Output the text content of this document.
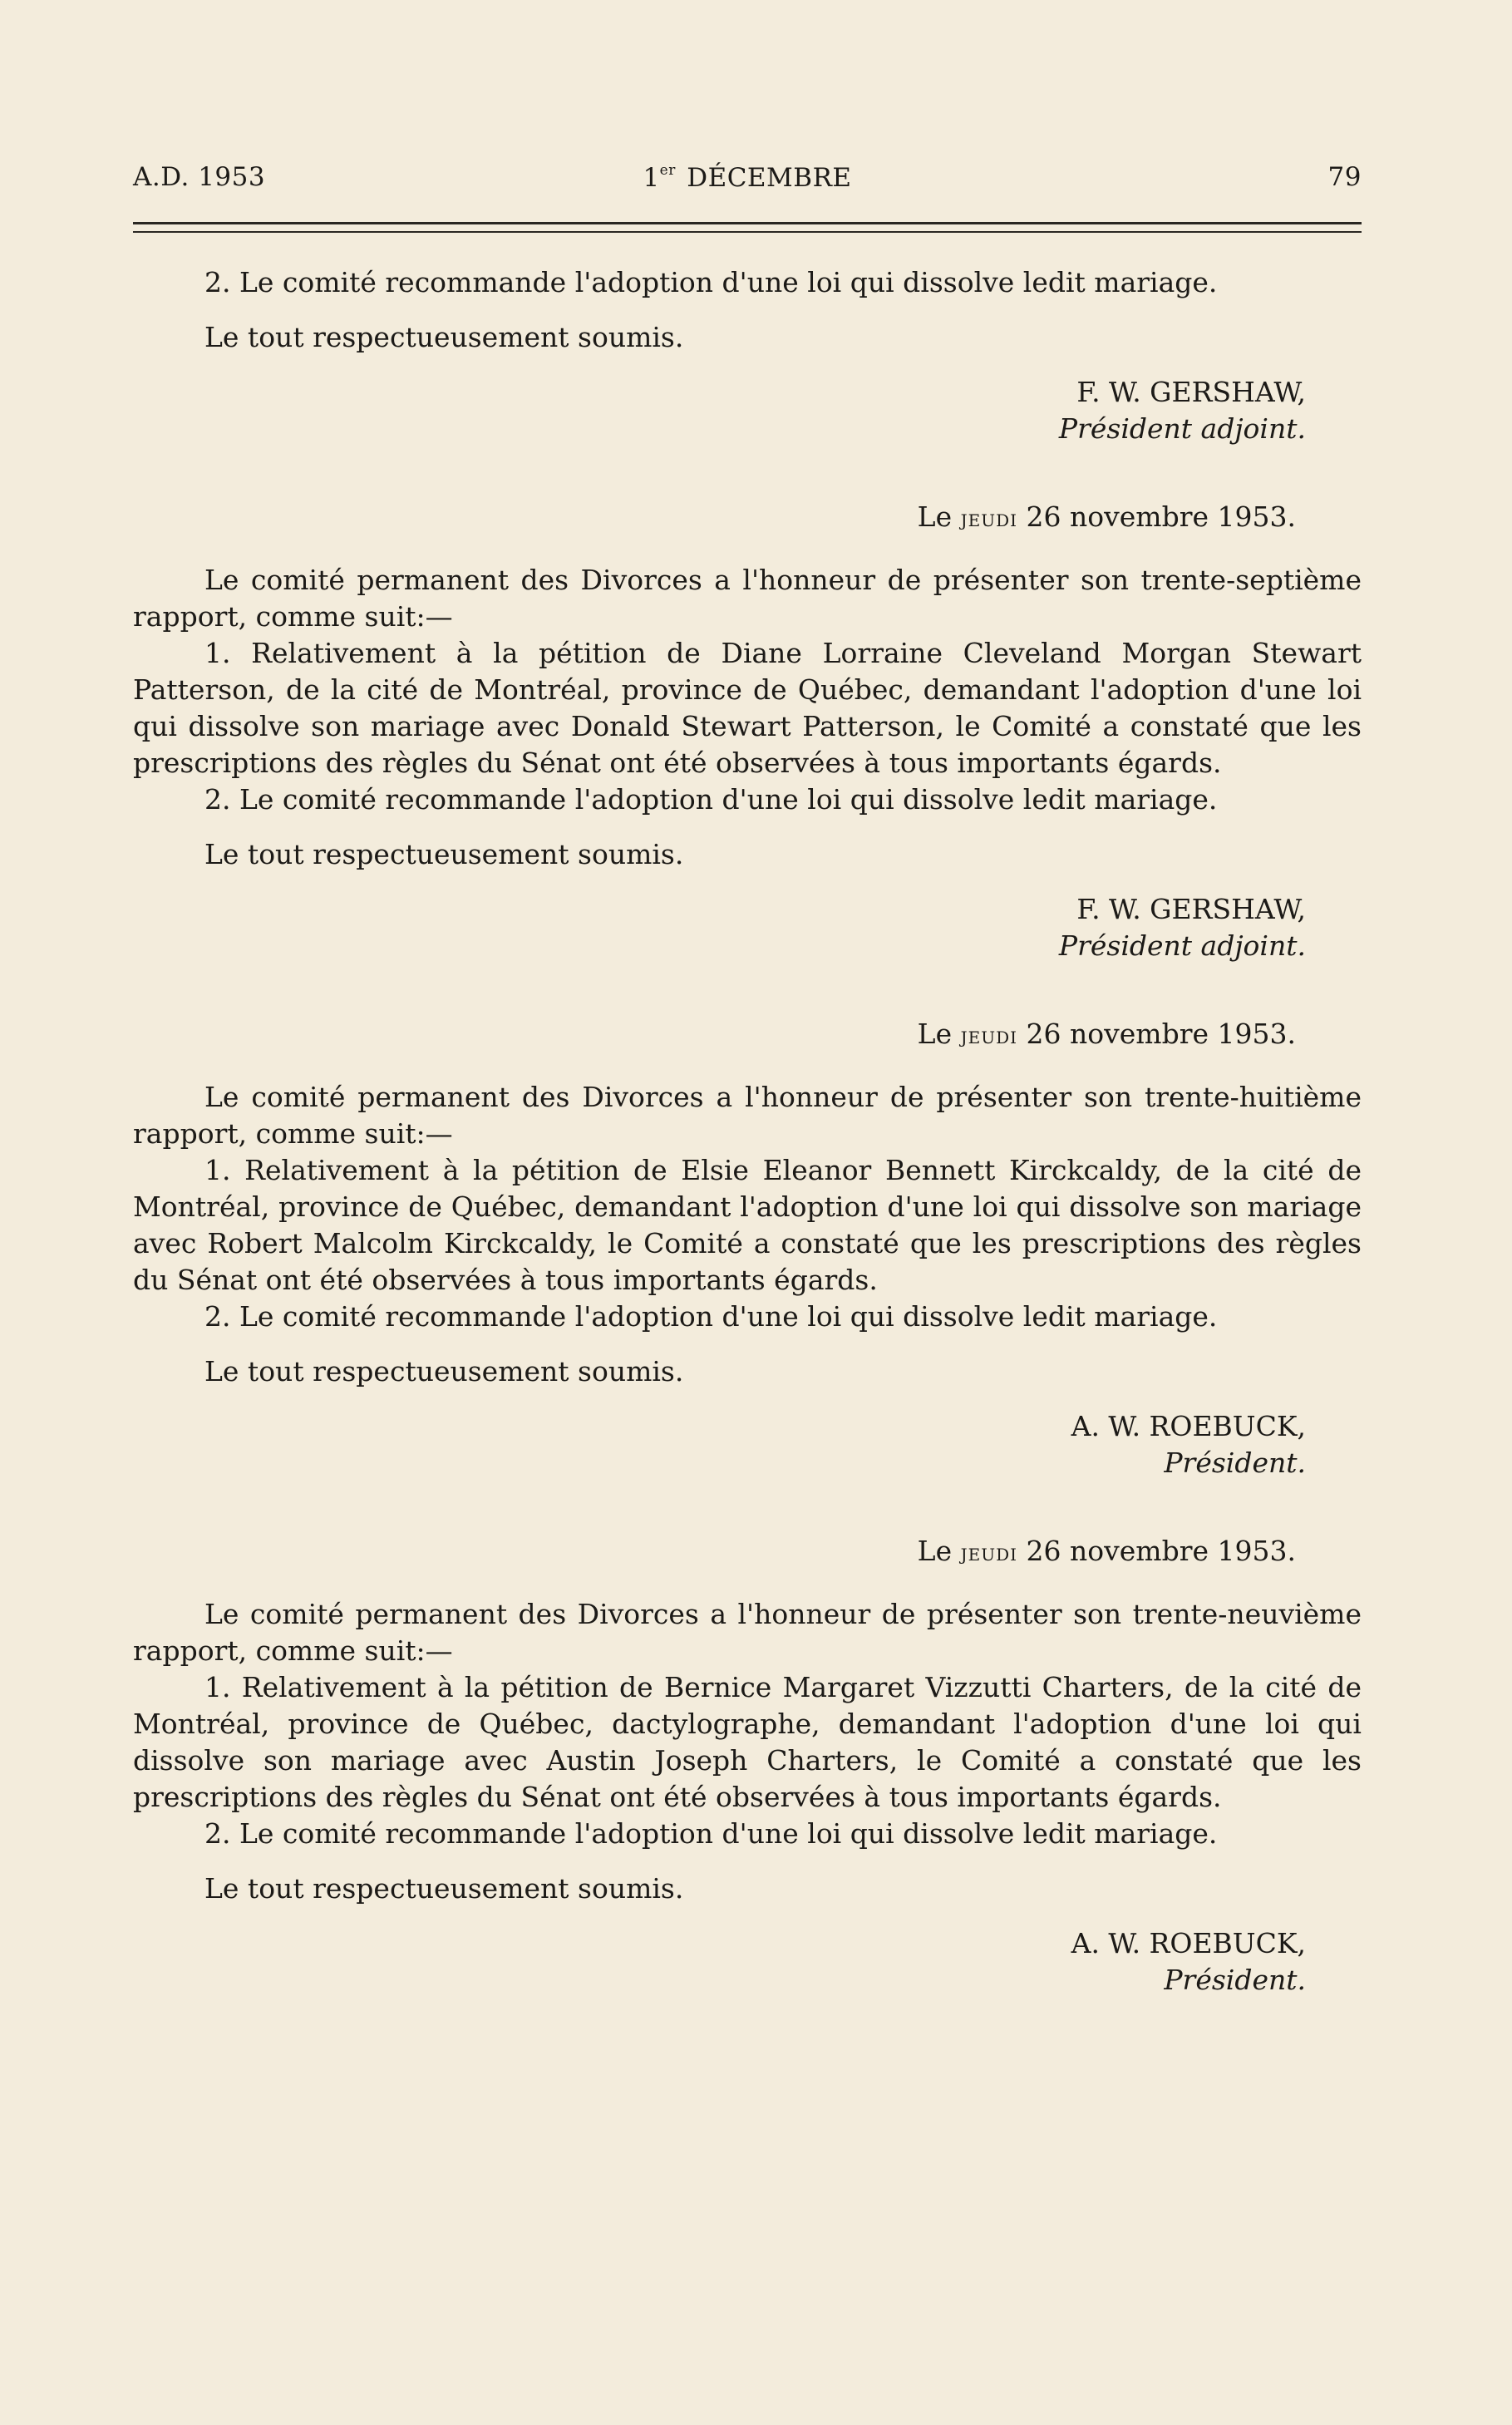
A.D. 1953	1er DÉCEMBRE	79

2. Le comité recommande l'adoption d'une loi qui dissolve ledit mariage.

Le tout respectueusement soumis.

F. W. GERSHAW,
Président adjoint.

Le jeudi 26 novembre 1953.

Le comité permanent des Divorces a l'honneur de présenter son trente-septième rapport, comme suit:—

1. Relativement à la pétition de Diane Lorraine Cleveland Morgan Stewart Patterson, de la cité de Montréal, province de Québec, demandant l'adoption d'une loi qui dissolve son mariage avec Donald Stewart Patterson, le Comité a constaté que les prescriptions des règles du Sénat ont été observées à tous importants égards.

2. Le comité recommande l'adoption d'une loi qui dissolve ledit mariage.

Le tout respectueusement soumis.

F. W. GERSHAW,
Président adjoint.

Le jeudi 26 novembre 1953.

Le comité permanent des Divorces a l'honneur de présenter son trente-huitième rapport, comme suit:—

1. Relativement à la pétition de Elsie Eleanor Bennett Kirckcaldy, de la cité de Montréal, province de Québec, demandant l'adoption d'une loi qui dissolve son mariage avec Robert Malcolm Kirckcaldy, le Comité a constaté que les prescriptions des règles du Sénat ont été observées à tous importants égards.

2. Le comité recommande l'adoption d'une loi qui dissolve ledit mariage.

Le tout respectueusement soumis.

A. W. ROEBUCK,
Président.

Le jeudi 26 novembre 1953.

Le comité permanent des Divorces a l'honneur de présenter son trente-neuvième rapport, comme suit:—

1. Relativement à la pétition de Bernice Margaret Vizzutti Charters, de la cité de Montréal, province de Québec, dactylographe, demandant l'adoption d'une loi qui dissolve son mariage avec Austin Joseph Charters, le Comité a constaté que les prescriptions des règles du Sénat ont été observées à tous importants égards.

2. Le comité recommande l'adoption d'une loi qui dissolve ledit mariage.

Le tout respectueusement soumis.

A. W. ROEBUCK,
Président.
